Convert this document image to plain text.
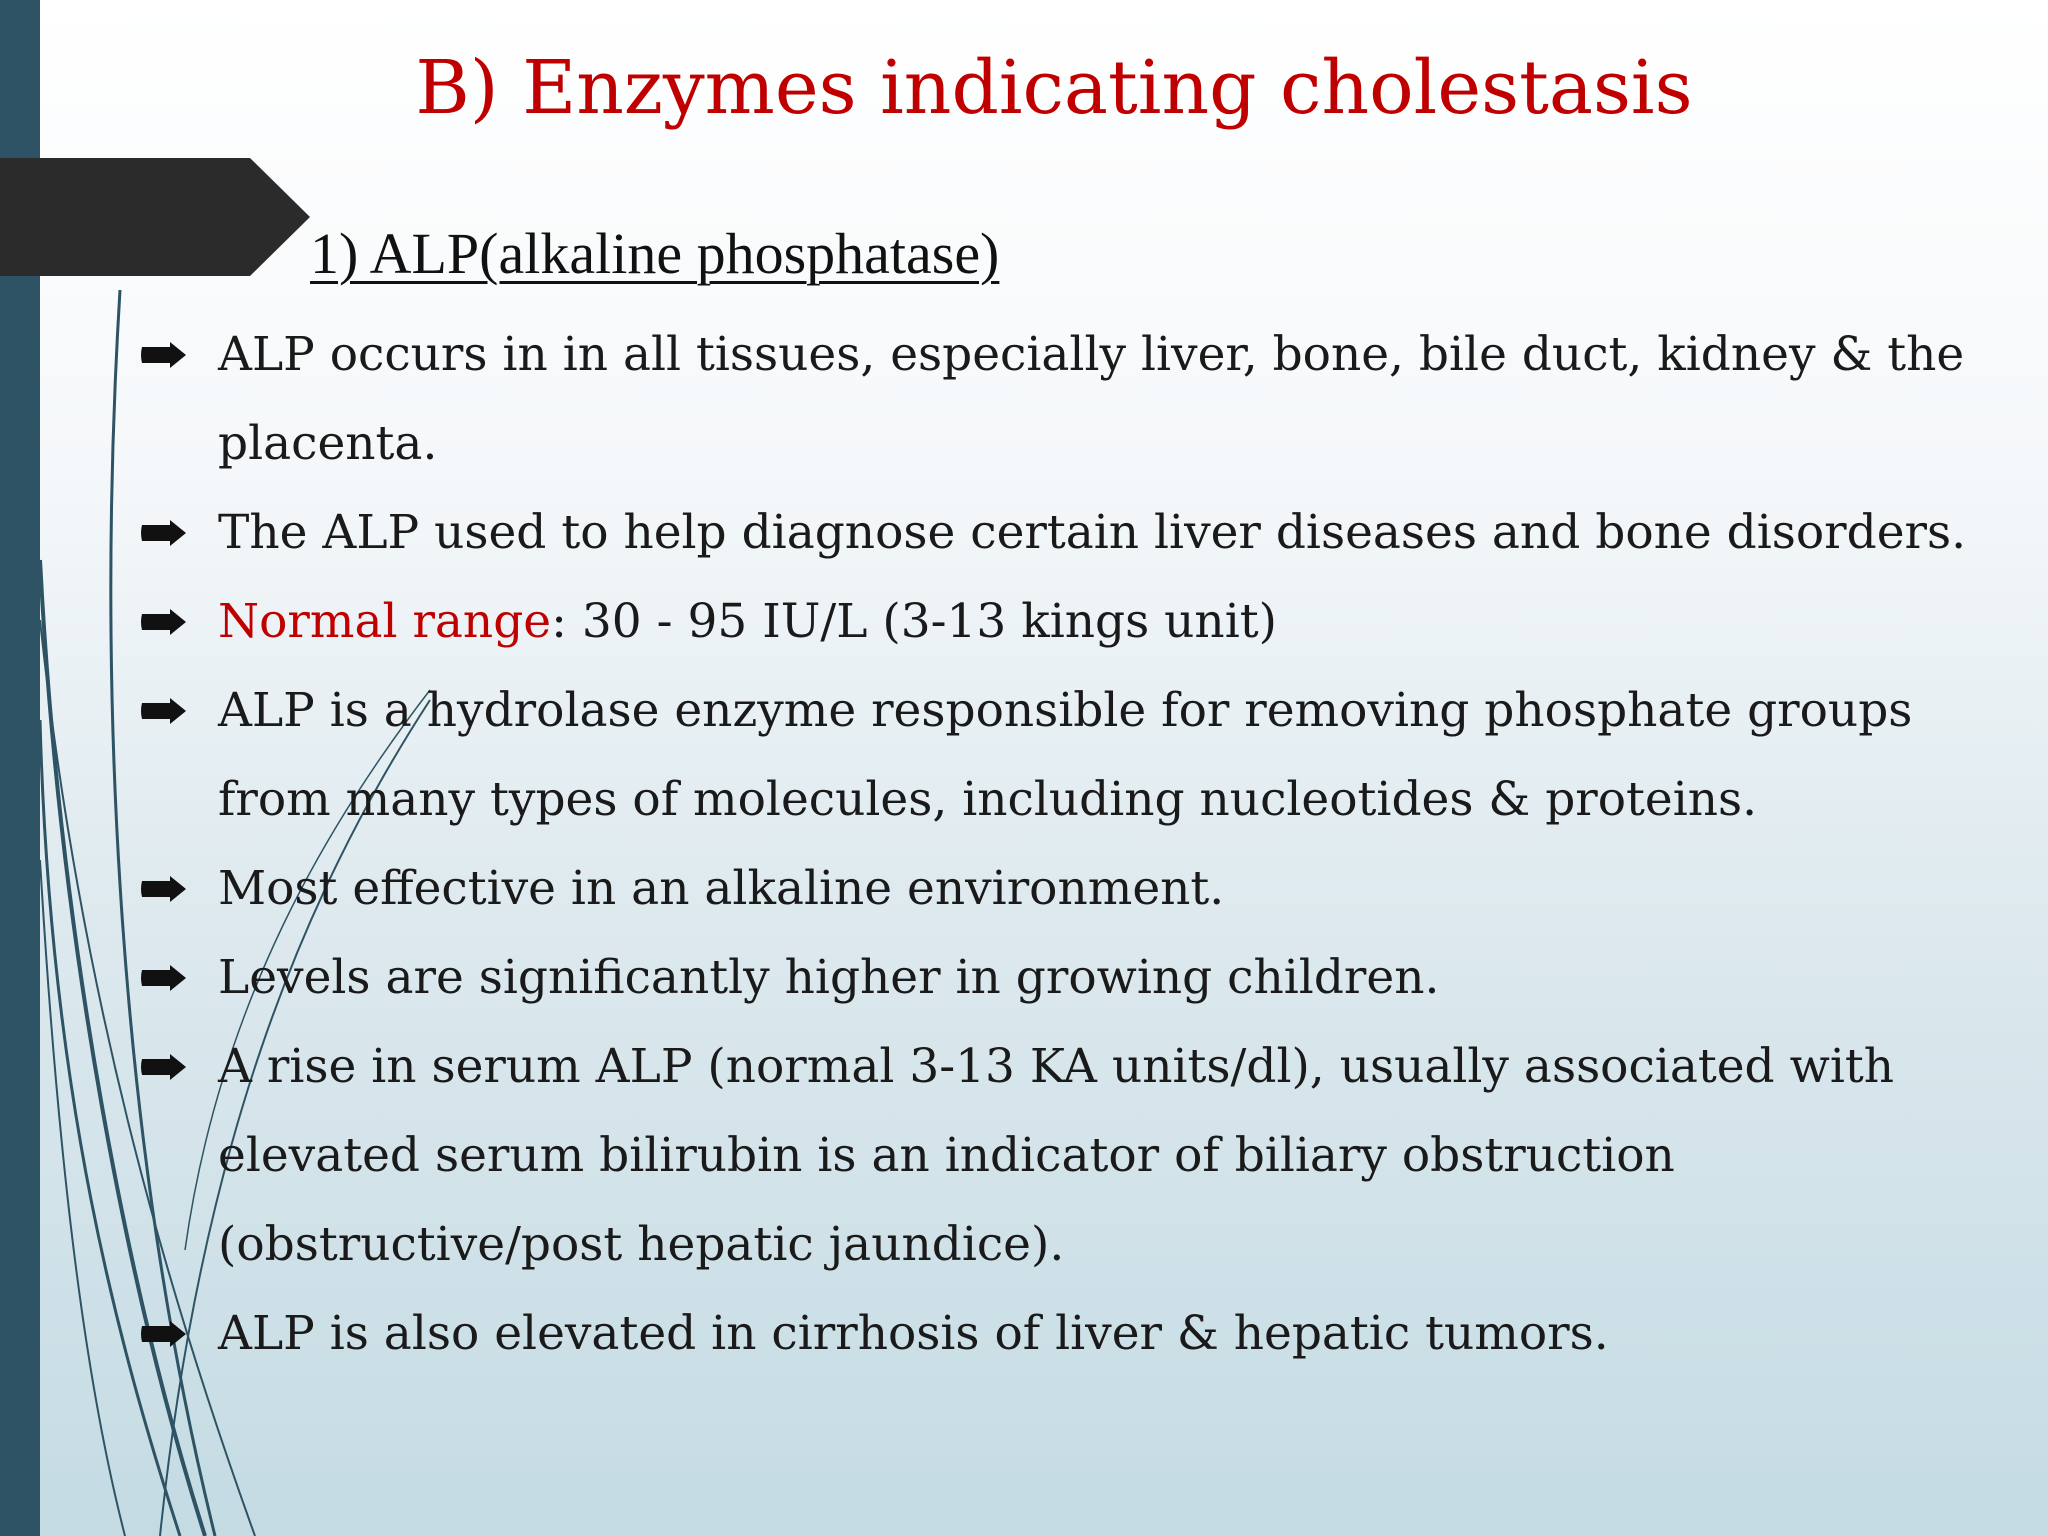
B) Enzymes indicating cholestasis
1) ALP(alkaline phosphatase)
ALP occurs in in all tissues, especially liver, bone, bile duct, kidney & the placenta.
The ALP used to help diagnose certain liver diseases and bone disorders.
Normal range: 30 - 95 IU/L (3-13 kings unit)
ALP is a hydrolase enzyme responsible for removing phosphate groups from many types of molecules, including nucleotides & proteins.
Most effective in an alkaline environment.
Levels are significantly higher in growing children.
A rise in serum ALP (normal 3-13 KA units/dl), usually associated with elevated serum bilirubin is an indicator of biliary obstruction (obstructive/post hepatic jaundice).
ALP is also elevated in cirrhosis of liver & hepatic tumors.
